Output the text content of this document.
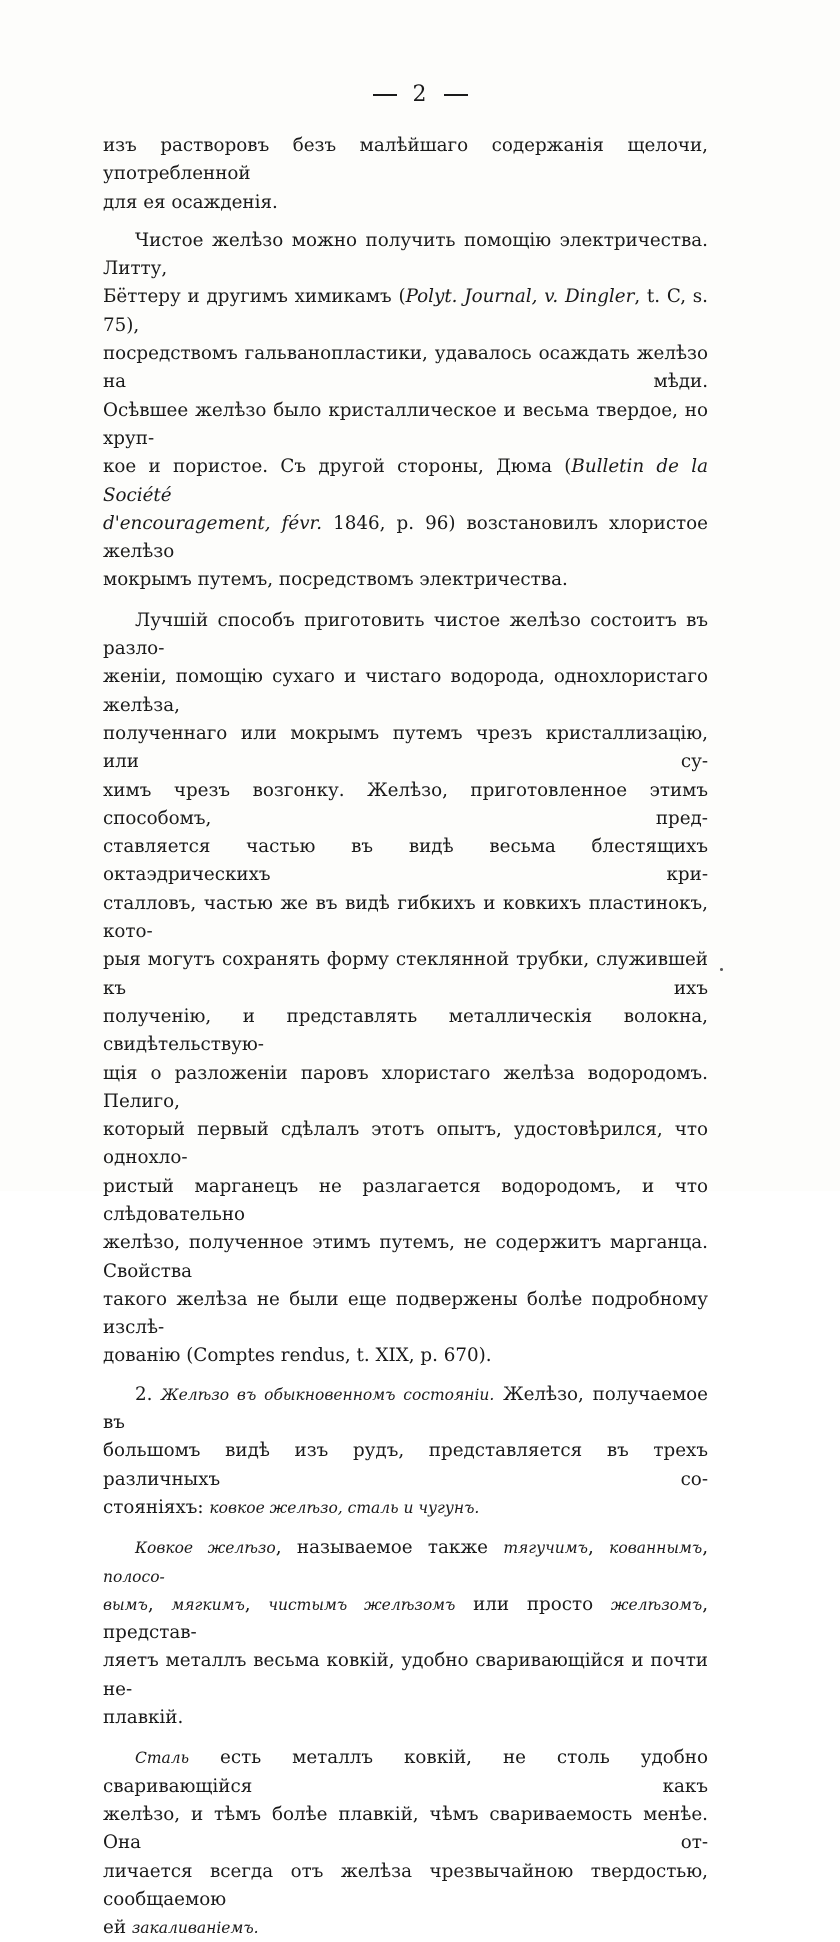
2

изъ растворовъ безъ малѣйшаго содержанія щелочи, употребленной

для ея осажденія.

Чистое желѣзо можно получить помощію электричества. Литту,

Бёттеру и другимъ химикамъ (Polyt. Journal, v. Dingler, t. C, s. 75),

посредствомъ гальванопластики, удавалось осаждать желѣзо на мѣди.

Осѣвшее желѣзо было кристаллическое и весьма твердое, но хруп-

кое и пористое. Съ другой стороны, Дюма (Bulletin de la Société

d'encouragement, févr. 1846, p. 96) возстановилъ хлористое желѣзо

мокрымъ путемъ, посредствомъ электричества.

Лучшій способъ приготовить чистое желѣзо состоитъ въ разло-

женіи, помощію сухаго и чистаго водорода, однохлористаго желѣза,

полученнаго или мокрымъ путемъ чрезъ кристаллизацію, или су-

химъ чрезъ возгонку. Желѣзо, приготовленное этимъ способомъ, пред-

ставляется частью въ видѣ весьма блестящихъ октаэдрическихъ кри-

сталловъ, частью же въ видѣ гибкихъ и ковкихъ пластинокъ, кото-

рыя могутъ сохранять форму стеклянной трубки, служившей къ ихъ

полученію, и представлять металлическія волокна, свидѣтельствую-

щія о разложеніи паровъ хлористаго желѣза водородомъ. Пелиго,

который первый сдѣлалъ этотъ опытъ, удостовѣрился, что однохло-

ристый марганецъ не разлагается водородомъ, и что слѣдовательно

желѣзо, полученное этимъ путемъ, не содержитъ марганца. Свойства

такого желѣза не были еще подвержены болѣе подробному изслѣ-

дованію (Comptes rendus, t. XIX, p. 670).

2. Желѣзо въ обыкновенномъ состояніи. Желѣзо, получаемое въ

большомъ видѣ изъ рудъ, представляется въ трехъ различныхъ со-

стояніяхъ: ковкое желѣзо, сталь и чугунъ.

Ковкое желѣзо, называемое также тягучимъ, кованнымъ, полосо-

вымъ, мягкимъ, чистымъ желѣзомъ или просто желѣзомъ, представ-

ляетъ металлъ весьма ковкій, удобно сваривающійся и почти не-

плавкій.

Сталь есть металлъ ковкій, не столь удобно сваривающійся какъ

желѣзо, и тѣмъ болѣе плавкій, чѣмъ свариваемость менѣе. Она от-

личается всегда отъ желѣза чрезвычайною твердостью, сообщаемою

ей закаливаніемъ.
